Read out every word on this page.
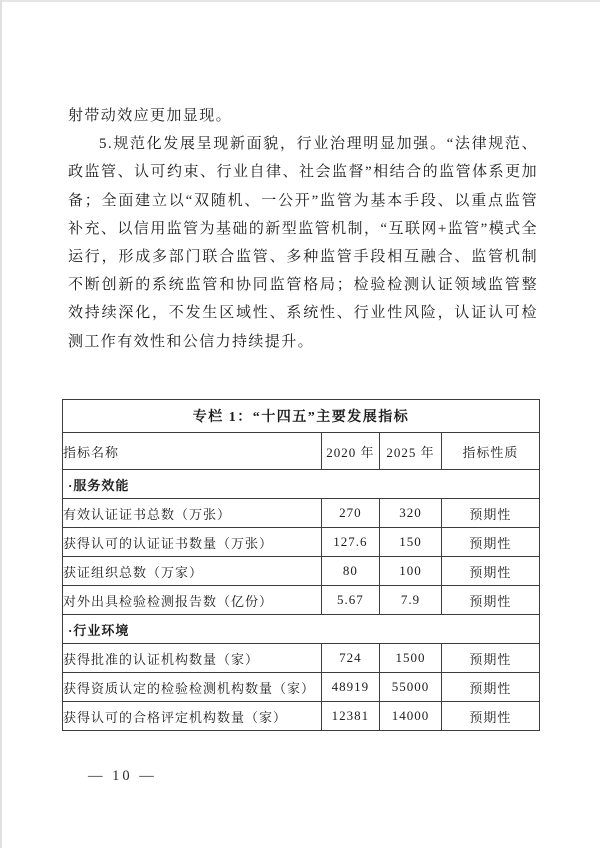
射带动效应更加显现。
5.规范化发展呈现新面貌，行业治理明显加强。“法律规范、
政监管、认可约束、行业自律、社会监督”相结合的监管体系更加
备；全面建立以“双随机、一公开”监管为基本手段、以重点监管
补充、以信用监管为基础的新型监管机制，“互联网+监管”模式全
运行，形成多部门联合监管、多种监管手段相互融合、监管机制
不断创新的系统监管和协同监管格局；检验检测认证领域监管整
效持续深化，不发生区域性、系统性、行业性风险，认证认可检
测工作有效性和公信力持续提升。
专栏 1：“十四五”主要发展指标			
指标名称	2020 年	2025 年	指标性质
·服务效能			
有效认证证书总数（万张）	270	320	预期性
获得认可的认证证书数量（万张）	127.6	150	预期性
获证组织总数（万家）	80	100	预期性
对外出具检验检测报告数（亿份）	5.67	7.9	预期性
·行业环境			
获得批准的认证机构数量（家）	724	1500	预期性
获得资质认定的检验检测机构数量（家）	48919	55000	预期性
获得认可的合格评定机构数量（家）	12381	14000	预期性
— 10 —
